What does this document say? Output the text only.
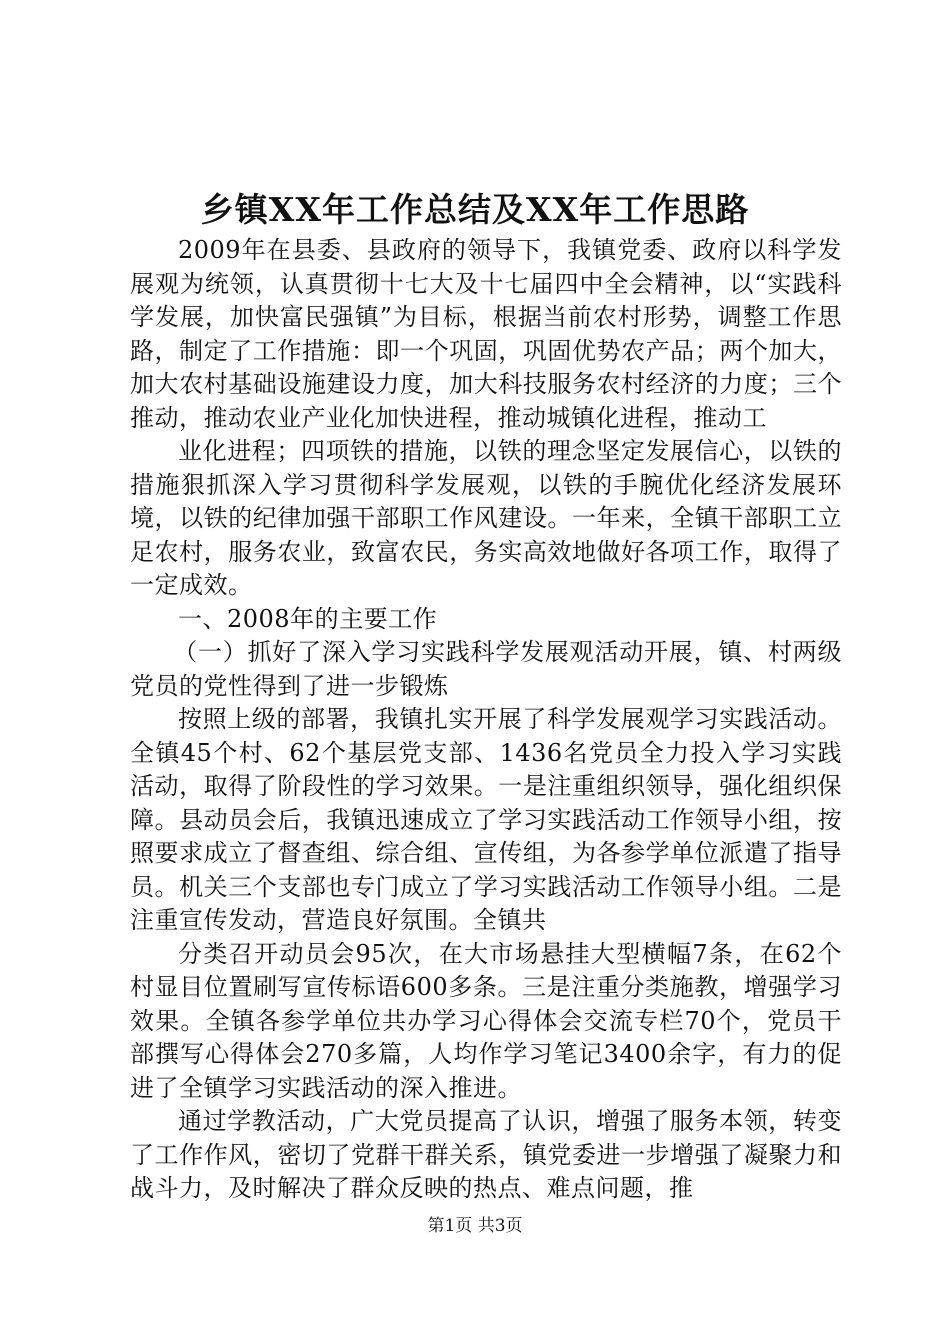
乡镇XX年工作总结及XX年工作思路

2009年在县委、县政府的领导下，我镇党委、政府以科学发展观为统领，认真贯彻十七大及十七届四中全会精神，以“实践科学发展，加快富民强镇”为目标，根据当前农村形势，调整工作思路，制定了工作措施：即一个巩固，巩固优势农产品；两个加大，加大农村基础设施建设力度，加大科技服务农村经济的力度；三个推动，推动农业产业化加快进程，推动城镇化进程，推动工

业化进程；四项铁的措施，以铁的理念坚定发展信心，以铁的措施狠抓深入学习贯彻科学发展观，以铁的手腕优化经济发展环境，以铁的纪律加强干部职工作风建设。一年来，全镇干部职工立足农村，服务农业，致富农民，务实高效地做好各项工作，取得了一定成效。

一、2008年的主要工作

（一）抓好了深入学习实践科学发展观活动开展，镇、村两级党员的党性得到了进一步锻炼

按照上级的部署，我镇扎实开展了科学发展观学习实践活动。全镇45个村、62个基层党支部、1436名党员全力投入学习实践活动，取得了阶段性的学习效果。一是注重组织领导，强化组织保障。县动员会后，我镇迅速成立了学习实践活动工作领导小组，按照要求成立了督查组、综合组、宣传组，为各参学单位派遣了指导员。机关三个支部也专门成立了学习实践活动工作领导小组。二是注重宣传发动，营造良好氛围。全镇共

分类召开动员会95次，在大市场悬挂大型横幅7条，在62个村显目位置刷写宣传标语600多条。三是注重分类施教，增强学习效果。全镇各参学单位共办学习心得体会交流专栏70个，党员干部撰写心得体会270多篇，人均作学习笔记3400余字，有力的促进了全镇学习实践活动的深入推进。

通过学教活动，广大党员提高了认识，增强了服务本领，转变了工作作风，密切了党群干群关系，镇党委进一步增强了凝聚力和战斗力，及时解决了群众反映的热点、难点问题，推

第1页 共3页
